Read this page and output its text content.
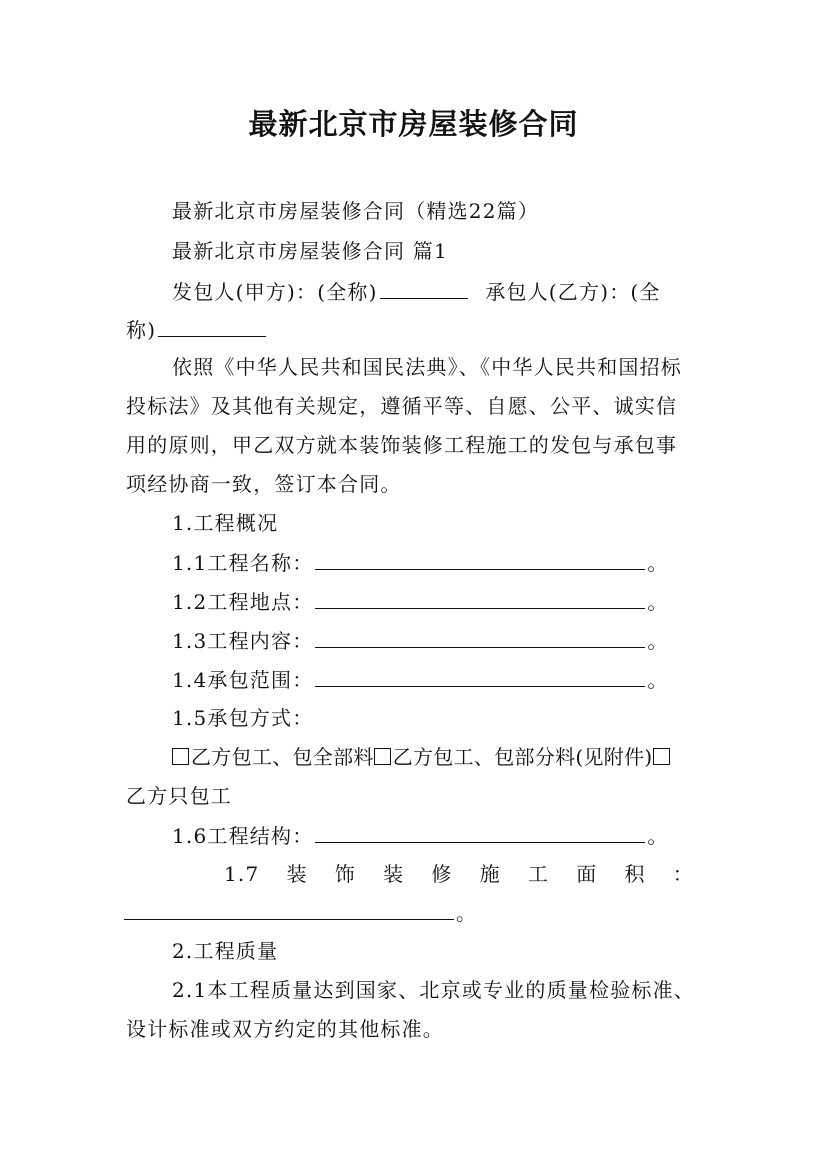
最新北京市房屋装修合同
最新北京市房屋装修合同（精选22篇）
最新北京市房屋装修合同 篇1
发包人(甲方)：(全称)	承包人(乙方)：(全
称)
依照《中华人民共和国民法典》、《中华人民共和国招标
投标法》及其他有关规定，遵循平等、自愿、公平、诚实信
用的原则，甲乙双方就本装饰装修工程施工的发包与承包事
项经协商一致，签订本合同。
1.工程概况
1.1工程名称：	。
1.2工程地点：	。
1.3工程内容：	。
1.4承包范围：	。
1.5承包方式：
乙方包工、包全部料 乙方包工、包部分料(见附件)
乙方只包工
1.6工程结构：	。
1.7 装 饰 装 修 施 工 面 积 ：
。
2.工程质量
2.1本工程质量达到国家、北京或专业的质量检验标准、
设计标准或双方约定的其他标准。
